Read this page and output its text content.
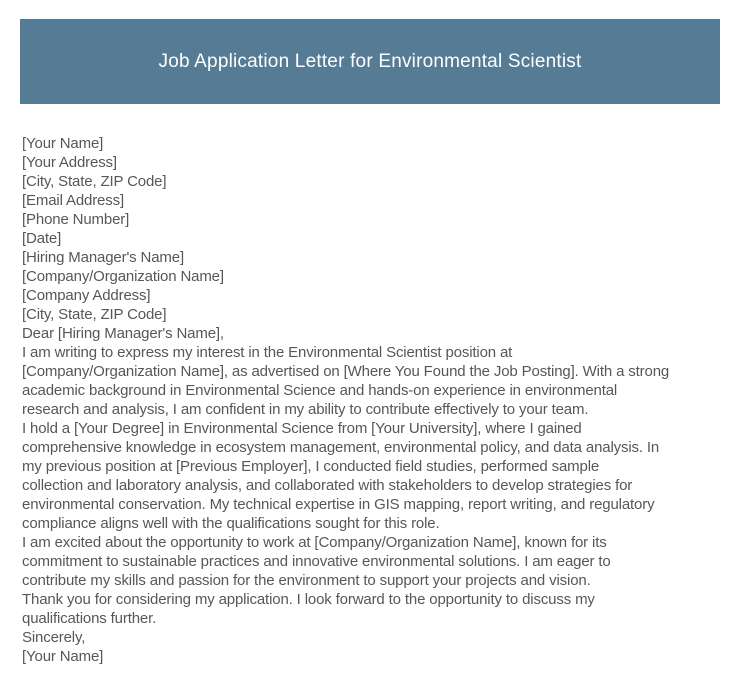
Job Application Letter for Environmental Scientist
[Your Name]
[Your Address]
[City, State, ZIP Code]
[Email Address]
[Phone Number]
[Date]
[Hiring Manager's Name]
[Company/Organization Name]
[Company Address]
[City, State, ZIP Code]
Dear [Hiring Manager's Name],
I am writing to express my interest in the Environmental Scientist position at
[Company/Organization Name], as advertised on [Where You Found the Job Posting]. With a strong
academic background in Environmental Science and hands-on experience in environmental
research and analysis, I am confident in my ability to contribute effectively to your team.
I hold a [Your Degree] in Environmental Science from [Your University], where I gained
comprehensive knowledge in ecosystem management, environmental policy, and data analysis. In
my previous position at [Previous Employer], I conducted field studies, performed sample
collection and laboratory analysis, and collaborated with stakeholders to develop strategies for
environmental conservation. My technical expertise in GIS mapping, report writing, and regulatory
compliance aligns well with the qualifications sought for this role.
I am excited about the opportunity to work at [Company/Organization Name], known for its
commitment to sustainable practices and innovative environmental solutions. I am eager to
contribute my skills and passion for the environment to support your projects and vision.
Thank you for considering my application. I look forward to the opportunity to discuss my
qualifications further.
Sincerely,
[Your Name]
